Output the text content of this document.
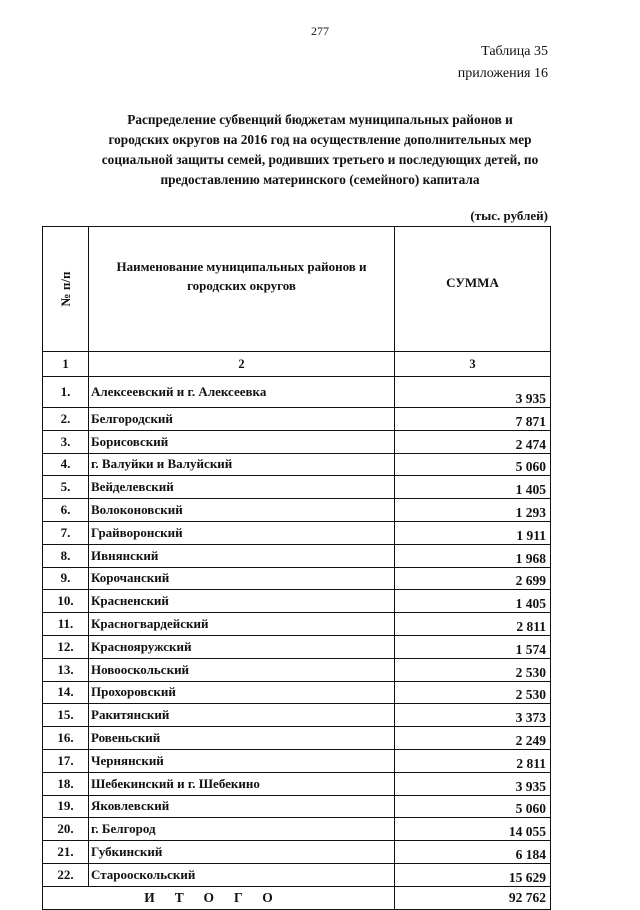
277
Таблица 35
приложения 16
Распределение субвенций бюджетам муниципальных районов и
городских округов на 2016 год на осуществление дополнительных мер
социальной защиты семей, родивших третьего и последующих детей, по
предоставлению материнского (семейного) капитала
(тыс. рублей)
№ п/п	Наименование муниципальных районов и городских округов	СУММА
1	2	3
1.	Алексеевский и г. Алексеевка	3 935
2.	Белгородский	7 871
3.	Борисовский	2 474
4.	г. Валуйки и Валуйский	5 060
5.	Вейделевский	1 405
6.	Волоконовский	1 293
7.	Грайворонский	1 911
8.	Ивнянский	1 968
9.	Корочанский	2 699
10.	Красненский	1 405
11.	Красногвардейский	2 811
12.	Краснояружский	1 574
13.	Новооскольский	2 530
14.	Прохоровский	2 530
15.	Ракитянский	3 373
16.	Ровеньский	2 249
17.	Чернянский	2 811
18.	Шебекинский и г. Шебекино	3 935
19.	Яковлевский	5 060
20.	г. Белгород	14 055
21.	Губкинский	6 184
22.	Старооскольский	15 629
ИТОГО		92 762
